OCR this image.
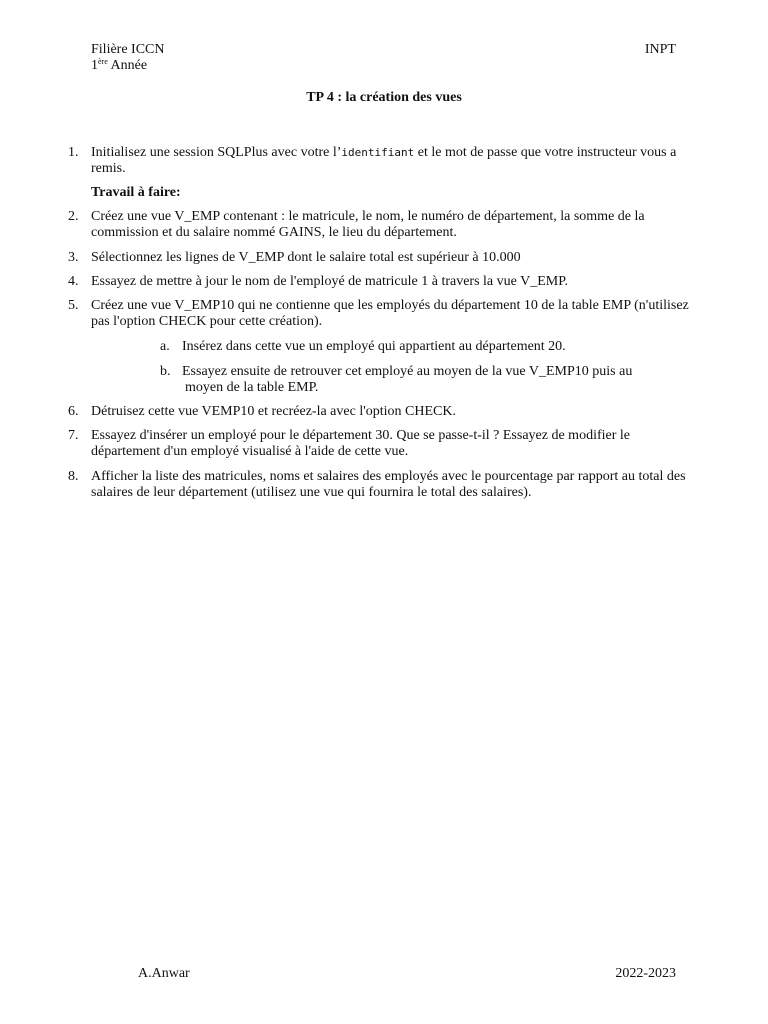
Filière ICCN
1ère Année
INPT
TP 4 : la création des vues
1. Initialisez une session SQLPlus avec votre l’identifiant et le mot de passe que votre instructeur vous a remis.
Travail à faire:
2. Créez une vue V_EMP contenant : le matricule, le nom, le numéro de département, la somme de la commission et du salaire nommé GAINS, le lieu du département.
3. Sélectionnez les lignes de V_EMP dont le salaire total est supérieur à 10.000
4. Essayez de mettre à jour le nom de l'employé de matricule 1 à travers la vue V_EMP.
5. Créez une vue V_EMP10 qui ne contienne que les employés du département 10 de la table EMP (n'utilisez pas l'option CHECK pour cette création).
a. Insérez dans cette vue un employé qui appartient au département 20.
b. Essayez ensuite de retrouver cet employé au moyen de la vue V_EMP10 puis au
moyen de la table EMP.
6. Détruisez cette vue VEMP10 et recréez-la avec l'option CHECK.
7. Essayez d'insérer un employé pour le département 30. Que se passe-t-il ? Essayez de modifier le département d'un employé visualisé à l'aide de cette vue.
8. Afficher la liste des matricules, noms et salaires des employés avec le pourcentage par rapport au total des salaires de leur département (utilisez une vue qui fournira le total des salaires).
A.Anwar	2022-2023
